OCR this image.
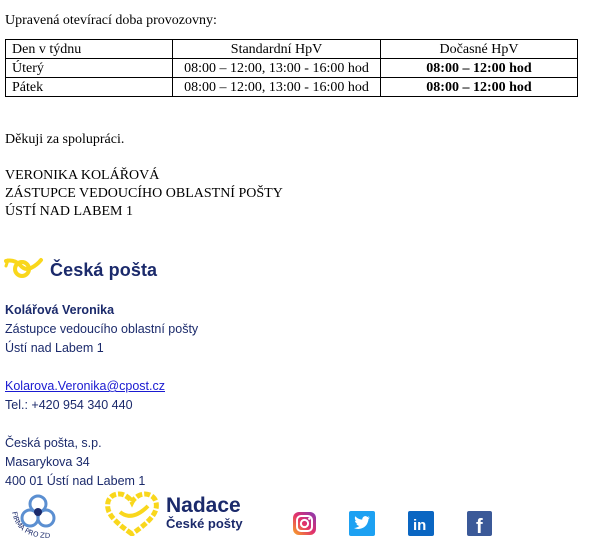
Upravená otevírací doba provozovny:
Den v týdnu	Standardní HpV	Dočasné HpV
Úterý	08:00 – 12:00, 13:00 - 16:00 hod	08:00 – 12:00 hod
Pátek	08:00 – 12:00, 13:00 - 16:00 hod	08:00 – 12:00 hod
Děkuji za spolupráci.
VERONIKA KOLÁŘOVÁ
ZÁSTUPCE VEDOUCÍHO OBLASTNÍ POŠTY
ÚSTÍ NAD LABEM 1
Česká pošta
Kolářová Veronika
Zástupce vedoucího oblastní pošty
Ústí nad Labem 1
Kolarova.Veronika@cpost.cz
Tel.: +420 954 340 440
Česká pošta, s.p.
Masarykova 34
400 01 Ústí nad Labem 1
FIRMA PRO ZD
Nadace
České pošty	in f
